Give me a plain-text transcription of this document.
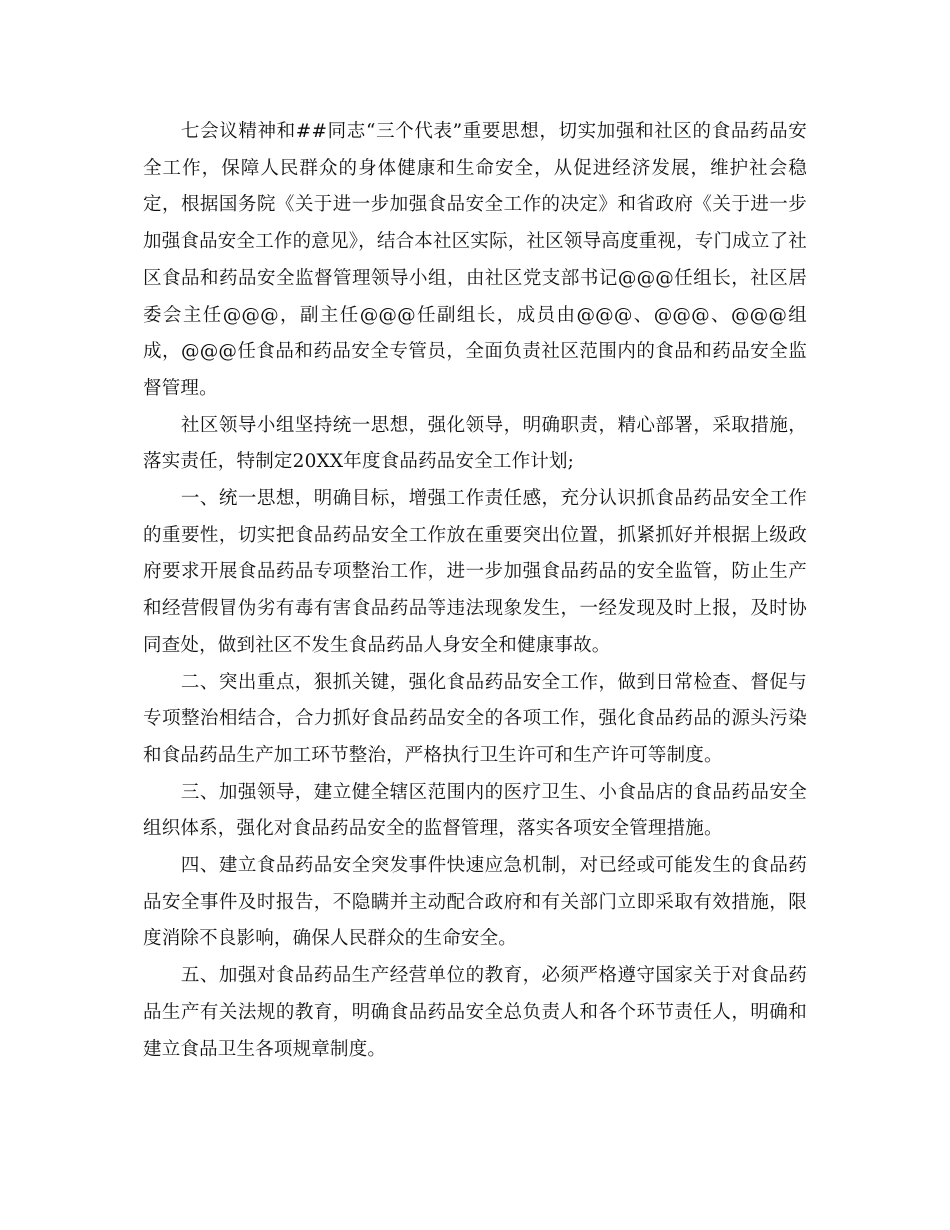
七会议精神和##同志“三个代表”重要思想，切实加强和社区的食品药品安全工作，保障人民群众的身体健康和生命安全，从促进经济发展，维护社会稳定，根据国务院《关于进一步加强食品安全工作的决定》和省政府《关于进一步加强食品安全工作的意见》，结合本社区实际，社区领导高度重视，专门成立了社区食品和药品安全监督管理领导小组，由社区党支部书记@@@任组长，社区居委会主任@@@，副主任@@@任副组长，成员由@@@、@@@、@@@组成，@@@任食品和药品安全专管员，全面负责社区范围内的食品和药品安全监督管理。

社区领导小组坚持统一思想，强化领导，明确职责，精心部署，采取措施，落实责任，特制定20XX年度食品药品安全工作计划;

一、统一思想，明确目标，增强工作责任感，充分认识抓食品药品安全工作的重要性，切实把食品药品安全工作放在重要突出位置，抓紧抓好并根据上级政府要求开展食品药品专项整治工作，进一步加强食品药品的安全监管，防止生产和经营假冒伪劣有毒有害食品药品等违法现象发生，一经发现及时上报，及时协同查处，做到社区不发生食品药品人身安全和健康事故。

二、突出重点，狠抓关键，强化食品药品安全工作，做到日常检查、督促与专项整治相结合，合力抓好食品药品安全的各项工作，强化食品药品的源头污染和食品药品生产加工环节整治，严格执行卫生许可和生产许可等制度。

三、加强领导，建立健全辖区范围内的医疗卫生、小食品店的食品药品安全组织体系，强化对食品药品安全的监督管理，落实各项安全管理措施。

四、建立食品药品安全突发事件快速应急机制，对已经或可能发生的食品药品安全事件及时报告，不隐瞒并主动配合政府和有关部门立即采取有效措施，限度消除不良影响，确保人民群众的生命安全。

五、加强对食品药品生产经营单位的教育，必须严格遵守国家关于对食品药品生产有关法规的教育，明确食品药品安全总负责人和各个环节责任人，明确和建立食品卫生各项规章制度。
